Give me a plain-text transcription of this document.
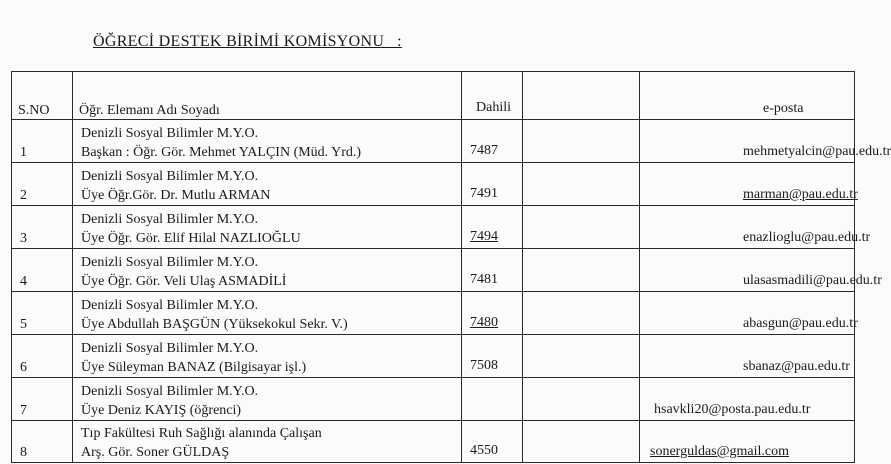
ÖĞRECİ DESTEK BİRİMİ KOMİSYONU   :
S.NO	Öğr. Elemanı Adı Soyadı	Dahili		e-posta

1	Denizli Sosyal Bilimler M.Y.O.
Başkan : Öğr. Gör. Mehmet YALÇIN (Müd. Yrd.)	7487		mehmetyalcin@pau.edu.tr
2	Denizli Sosyal Bilimler M.Y.O.
Üye Öğr.Gör. Dr. Mutlu ARMAN	7491		marman@pau.edu.tr
3	Denizli Sosyal Bilimler M.Y.O.
Üye Öğr. Gör. Elif Hilal NAZLIOĞLU	7494		enazlioglu@pau.edu.tr
4	Denizli Sosyal Bilimler M.Y.O.
Üye Öğr. Gör. Veli Ulaş ASMADİLİ	7481		ulasasmadili@pau.edu.tr
5	Denizli Sosyal Bilimler M.Y.O.
Üye Abdullah BAŞGÜN (Yüksekokul Sekr. V.)	7480		abasgun@pau.edu.tr
6	Denizli Sosyal Bilimler M.Y.O.
Üye Süleyman BANAZ (Bilgisayar işl.)	7508		sbanaz@pau.edu.tr
7	Denizli Sosyal Bilimler M.Y.O.
Üye Deniz KAYIŞ (öğrenci)			hsavkli20@posta.pau.edu.tr
8	Tıp Fakültesi Ruh Sağlığı alanında Çalışan
Arş. Gör. Soner GÜLDAŞ	4550		sonerguldas@gmail.com
